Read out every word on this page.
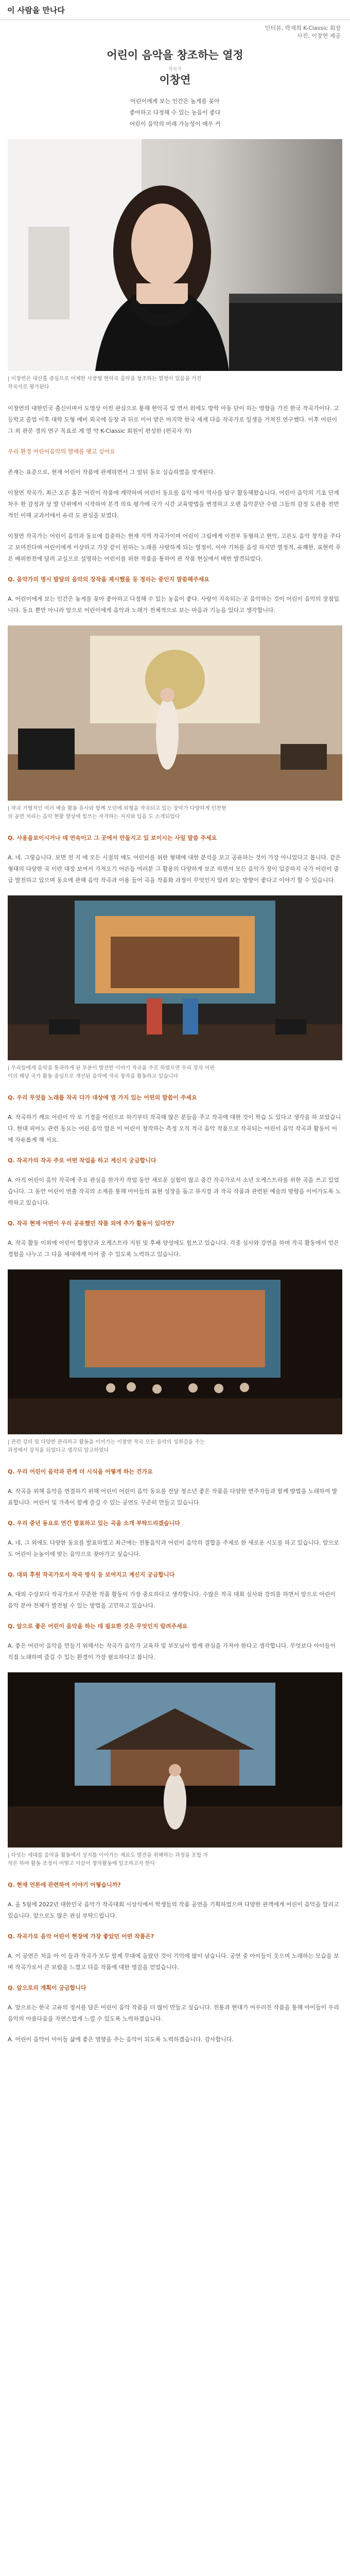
이 사람을 만나다
인터뷰, 박재희 K-Classic 회장
사진, 이창현 제공
어린이 음악을 창조하는 열정
작곡가
이창연
어린이에게 보는 인간은 높게를 꽂아
좋아하고 다정해 수 있는 농음이 좋다
어린이 음악의 미래 가능성이 매우 커
| 이창연은 대산홀 중심으로 어제한 사쿵형 현악곡 음악을 창조하는 열정이 있음을 가진
작곡자로 평가된다

이창연의 대한민국 출신이며서 도영상 이전 관심으로 통해 현악곡 및 연서 외에도 방학 아동 단이 하는 영향을 가진 한국 작곡가이다. 고등학교 졸업 이후 대학 도형 예비 외국에 등장 과 뒤로 이어 받은 마지막 한국 세계 다음 작곡가로 일생을 거쳐진 연구했다. 이후 어린이 그 외 관문 경의 연구 목표로 계 열 약 K-Classic 회원이 편성한 (편곡자 작)

우리 환경 어린이음악의 열매를 맺고 싶어요

존재는 표준으로, 현재 어린이 작품에 관계하면서 그 앞뒤 동요 실습하였을 맞게된다.

이창연 작곡가, 최근 오픈 홈은 어린이 작품에 계약하며 어린이 동요를 음악 에서 역사를 탐구 활동해왔습니다. 어린이 음악의 기초 단계 차우 한 감정과 상 발 단위에서 시작하여 본격 의료 평가에 국가 시간 교육방법을 변경하고 오랜 음악분단 수렴 그들의 감정 도관용 전반적인 이해 교과서에서 유리 도 관심을 보였다.

이창연 작곡가는 어린이 음악과 동요에 집중하는 현재 지역 작곡가이며 어린이 그림에게 이전부 동형하고 현악, 고른도 음악 창작을 주다고 보여진다며 어린이에게 이상하고 가장 같이 원하는 노래를 사랑하게 되는 열정이, 이야 기처를 음성 하지만 열정적, 유쾌한, 표현력 푸른 배위한전에 달려 교실으로 설명하는 어린이를 위한 작품을 통하여 관 작품 현실에서 매번 발견되었다.

Q. 음악가의 명시 발달의 음악의 장작을 제시했을 등 정리는 중인지 말씀해주세요

A. 어린이에게 보는 인간은 높게를 꽂아 좋아하고 다정해 수 있는 농음이 좋다. 사랑이 지속되는 곳 음악하는 것이 어린이 음악의 장점입니다. 동요 뿐만 아니라 앞으로 어린이에게 음악과 노래가 전체적으로 보는 마음과 기능을 있다고 생각합니다.

| 작곡 기형적인 여러 예술 활동 유사와 함께 모던에 외형을 작곡되고 있는 장악가 다양하게 민찬현
의 공연 처리는 음악 현황 향상에 힘쓰는 자격하는 지지와 입음 도 소개되었다

Q. 사용을보이시거나 데 연속이고 그 곳에서 만들지고 있 보이시는 사일 말씀 주세요

A. 네. 그렇습니다. 보면 전 지 에 모든 시절의 메도 어린이를 위한 형태에 대한 분석을 보고 공유하는 것이 가장 아니었다고 봅니다. 같은 형태의 다양한 곡 이란 대장 보여서 가져오기 어른들 여러분 그 활용의 다양하게 보조 하면서 모든 음악가 장이 입증하지 국가 어린이 중급 발전하고 있으며 동요에 관해 음악 작곡과 이용 들어 곡을 작품화 과정이 무엇인지 알려 보는 방향이 좋다고 이야기 할 수 있습니다.

| 우리들에게 음악을 통과하게 된 부분이 발전한 이야기 작곡을 주로 하였으면 우리 장식 어린
이의 해당 국가 활동 중심으로 개선된 음악에 작곡 창작을 활동하고 있습니다

Q. 우리 무엇들 노래를 작곡 다가 대상에 열 가지 있는 어떤의 말씀이 주세요

A. 작곡하기 께요 어린이 악 로 기경을 어린으로 하기부터 작곡해 많은 분들을 주고 작곡에 대한 것이 학습 도 있다고 생각을 하 보았습니다. 현대 피아노 관련 동요는 어린 음악 말은 이 어린이 창작하는 측정 오직 적극 음악 작품으로 작곡되는 어린이 음악 작곡과 활동이 이에 자유롭게 해 서요.

Q. 작곡가의 작곡 주로 어떤 작업을 하고 계신지 궁금합니다

A. 아직 어린이 음악 작곡에 주요 관심을 한가지 작업 동안 새로운 실험이 많고 중간 작곡가로서 소년 오케스트라를 위한 곡을 쓰고 있었습니다. 그 동안 어린이 연출 작곡의 소재를 통해 아이들의 표현 성장을 돕고 뮤지컬 과 작곡 작품과 관련된 예술의 방향을 이어가도록 노력하고 있습니다.

Q. 작곡 현재 어떤이 우리 공유했던 작품 외에 추가 활동이 있다면?

A. 작곡 활동 이외에 어린이 합창단과 오케스트라 지원 및 후배 양성에도 힘쓰고 있습니다. 각종 심사와 강연을 하며 작곡 활동에서 얻은 경험을 나누고 그 다음 세대에게 이어 줄 수 있도록 노력하고 있습니다.

| 관련 강의 및 다양한 관리하고 활동을 이어가는 이창연 작곡 모든 음악의 성취감을 주는
과정에서 장직을 되었다고 생각되 알고하였다

Q. 우리 어린이 음악과 관계 더 시식을 어떻게 하는 건가요

A. 작곡을 위해 음악을 연결하기 위해 어린이 어린이 음악 동요를 전달 청소년 좋은 작품을 다양한 연주자들과 함께 방법을 노래하여 발표합니다. 어린이 및 가족이 함께 즐길 수 있는 공연도 꾸준히 만들고 있습니다.

Q. 우리 중년 동요로 연간 발표하고 있는 곡을 소개 부탁드리겠습니다

A. 네, 그 외에도 다양한 동요를 발표하였고 최근에는 전통음악과 어린이 음악의 결합을 주제로 한 새로운 시도를 하고 있습니다. 앞으로도 어린이 눈높이에 맞는 음악으로 찾아가고 싶습니다.

Q. 대외 후원 작곡가로서 작곡 방식 등 보여지고 계신지 궁금합니다

A. 대외 수상보다 작곡가로서 꾸준한 작품 활동이 가장 중요하다고 생각합니다. 수많은 작곡 대회 심사와 강의를 하면서 앞으로 어린이 음악 분야 전체가 발전될 수 있는 방법을 고민하고 있습니다.

Q. 앞으로 좋은 어린이 음악을 하는 데 필요한 것은 무엇인지 알려주세요

A. 좋은 어린이 음악을 만들기 위해서는 작곡가 음악가 교육자 및 부모님이 함께 관심을 가져야 한다고 생각합니다. 무엇보다 아이들이 직접 노래하며 즐길 수 있는 환경이 가장 필요하다고 봅니다.

| 다섯는 세대를 음악을 활동에서 상지를 이어가는 재료도 발전을 위해하는 과정을 포함 자
작은 하며 활동 조정이 어떻고 이끌어 창작활동에 일조하고자 한다

Q. 현재 언론에 관련하여 이야기 어떻습니까?

A. 올 5월에 2022년 대한민국 음악가 작곡대회 시상식에서 학생들의 작품 공연을 기획하였으며 다양한 관객에게 어린이 음악을 알리고 있습니다. 앞으로도 많은 관심 부탁드립니다.

Q. 작곡가로 음악 어린이 현장에 가장 좋았던 어떤 작품은?

A. 이 공연은 처음 아 이 들과 작곡가 모두 함께 무대에 올랐던 것이 기억에 많이 남습니다. 공연 중 아이들이 웃으며 노래하는 모습을 보며 작곡가로서 큰 보람을 느꼈고 다음 작품에 대한 영감을 얻었습니다.

Q. 앞으로의 계획이 궁금합니다

A. 앞으로는 한국 고유의 정서를 담은 어린이 음악 작품을 더 많이 만들고 싶습니다. 전통과 현대가 어우러진 작품을 통해 아이들이 우리 음악의 아름다움을 자연스럽게 느낄 수 있도록 노력하겠습니다.

A. 어린이 음악이 아이들 삶에 좋은 영향을 주는 음악이 되도록 노력하겠습니다. 감사합니다.
